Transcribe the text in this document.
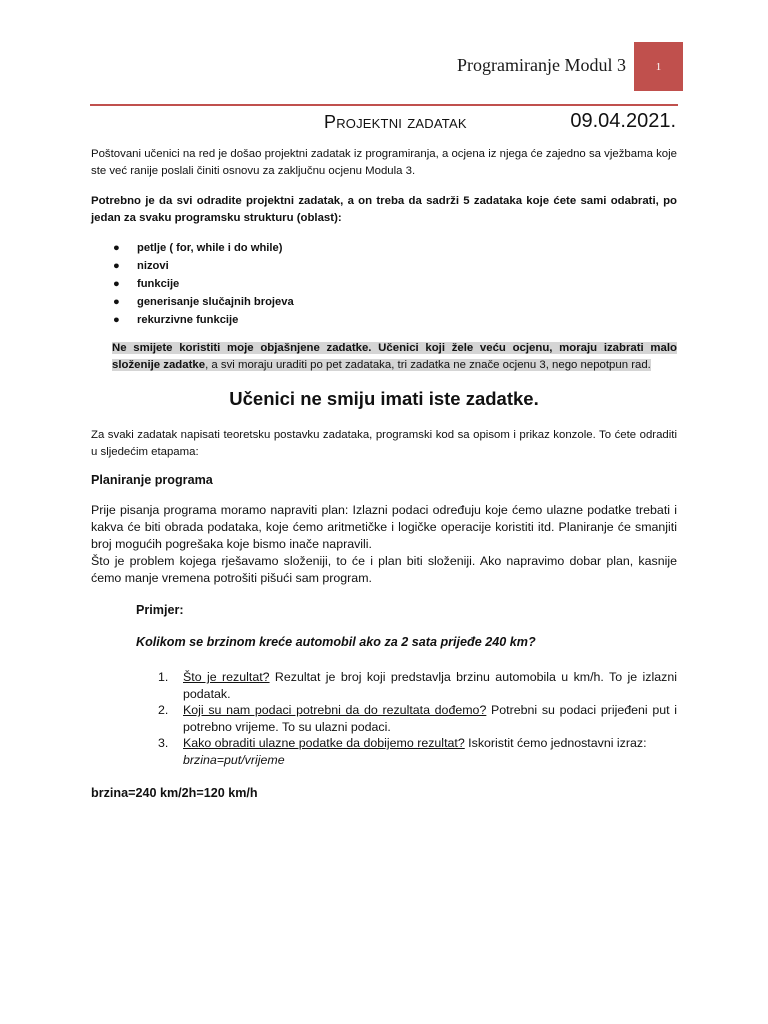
Programiranje Modul 3	1
Projektni zadatak	09.04.2021.
Poštovani učenici na red je došao projektni zadatak iz programiranja, a ocjena iz njega će zajedno sa vježbama koje ste već ranije poslali činiti osnovu za zaključnu ocjenu Modula 3.
Potrebno je da svi odradite projektni zadatak, a on treba da sadrži 5 zadataka koje ćete sami odabrati, po jedan za svaku programsku strukturu (oblast):
● petlje ( for, while i do while)
● nizovi
● funkcije
● generisanje slučajnih brojeva
● rekurzivne funkcije
Ne smijete koristiti moje objašnjene zadatke. Učenici koji žele veću ocjenu, moraju izabrati malo složenije zadatke, a svi moraju uraditi po pet zadataka, tri zadatka ne znače ocjenu 3, nego nepotpun rad.
Učenici ne smiju imati iste zadatke.
Za svaki zadatak napisati teoretsku postavku zadataka, programski kod sa opisom i prikaz konzole. To ćete odraditi u sljedećim etapama:
Planiranje programa

Prije pisanja programa moramo napraviti plan: Izlazni podaci određuju koje ćemo ulazne podatke trebati i kakva će biti obrada podataka, koje ćemo aritmetičke i logičke operacije koristiti itd. Planiranje će smanjiti broj mogućih pogrešaka koje bismo inače napravili.

Što je problem kojega rješavamo složeniji, to će i plan biti složeniji. Ako napravimo dobar plan, kasnije ćemo manje vremena potrošiti pišući sam program.

Primjer:
Kolikom se brzinom kreće automobil ako za 2 sata prijeđe 240 km?
1. Što je rezultat? Rezultat je broj koji predstavlja brzinu automobila u km/h. To je izlazni podatak.
2. Koji su nam podaci potrebni da do rezultata dođemo? Potrebni su podaci prijeđeni put i potrebno vrijeme. To su ulazni podaci.
3. Kako obraditi ulazne podatke da dobijemo rezultat? Iskoristit ćemo jednostavni izraz:
brzina=put/vrijeme
brzina=240 km/2h=120 km/h
